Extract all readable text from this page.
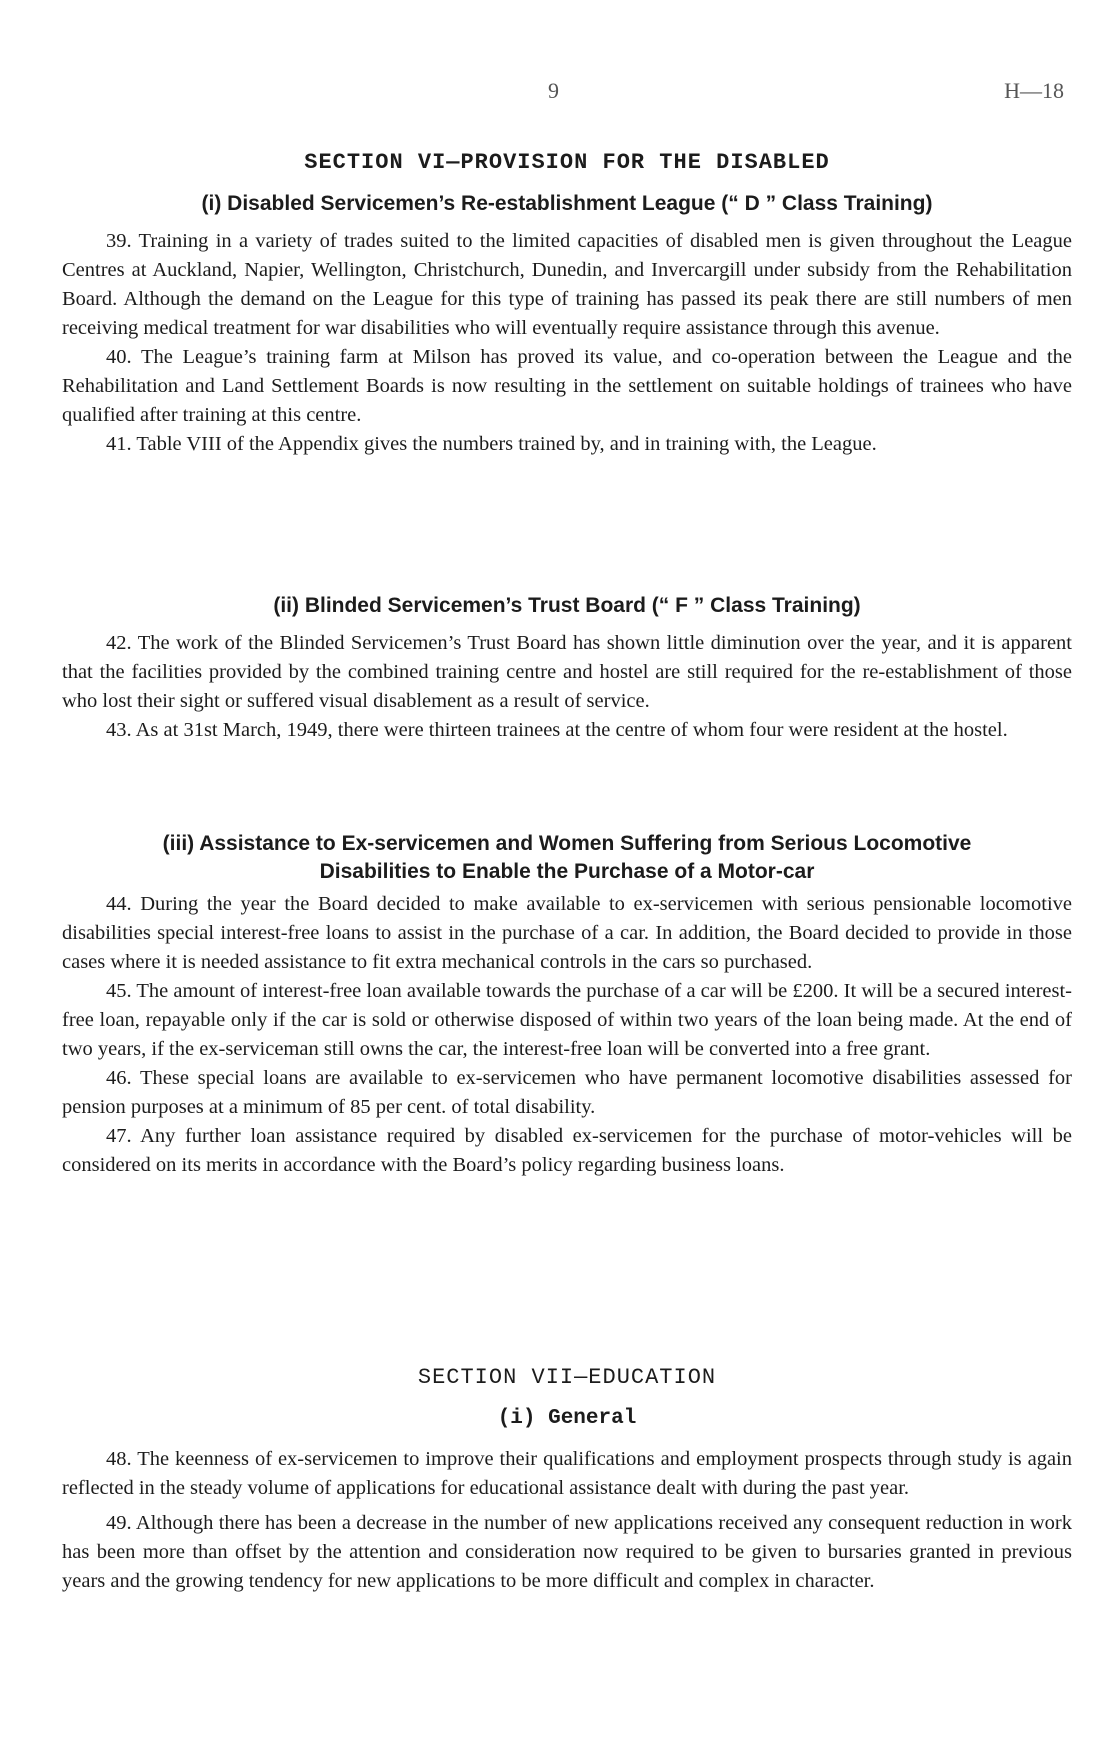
9	H—18
SECTION VI—PROVISION FOR THE DISABLED
(i) Disabled Servicemen’s Re-establishment League (“ D ” Class Training)

39. Training in a variety of trades suited to the limited capacities of disabled men is given throughout the League Centres at Auckland, Napier, Wellington, Christchurch, Dunedin, and Invercargill under subsidy from the Rehabilitation Board. Although the demand on the League for this type of training has passed its peak there are still numbers of men receiving medical treatment for war disabilities who will eventually require assistance through this avenue.

40. The League’s training farm at Milson has proved its value, and co-operation between the League and the Rehabilitation and Land Settlement Boards is now resulting in the settlement on suitable holdings of trainees who have qualified after training at this centre.

41. Table VIII of the Appendix gives the numbers trained by, and in training with, the League.

(ii) Blinded Servicemen’s Trust Board (“ F ” Class Training)

42. The work of the Blinded Servicemen’s Trust Board has shown little diminution over the year, and it is apparent that the facilities provided by the combined training centre and hostel are still required for the re-establishment of those who lost their sight or suffered visual disablement as a result of service.

43. As at 31st March, 1949, there were thirteen trainees at the centre of whom four were resident at the hostel.

(iii) Assistance to Ex-servicemen and Women Suffering from Serious Locomotive
Disabilities to Enable the Purchase of a Motor-car

44. During the year the Board decided to make available to ex-servicemen with serious pensionable locomotive disabilities special interest-free loans to assist in the purchase of a car. In addition, the Board decided to provide in those cases where it is needed assistance to fit extra mechanical controls in the cars so purchased.

45. The amount of interest-free loan available towards the purchase of a car will be £200. It will be a secured interest-free loan, repayable only if the car is sold or otherwise disposed of within two years of the loan being made. At the end of two years, if the ex-serviceman still owns the car, the interest-free loan will be converted into a free grant.

46. These special loans are available to ex-servicemen who have permanent locomotive disabilities assessed for pension purposes at a minimum of 85 per cent. of total disability.

47. Any further loan assistance required by disabled ex-servicemen for the purchase of motor-vehicles will be considered on its merits in accordance with the Board’s policy regarding business loans.

SECTION VII—EDUCATION
(i) General

48. The keenness of ex-servicemen to improve their qualifications and employment prospects through study is again reflected in the steady volume of applications for educational assistance dealt with during the past year.

49. Although there has been a decrease in the number of new applications received any consequent reduction in work has been more than offset by the attention and consideration now required to be given to bursaries granted in previous years and the growing tendency for new applications to be more difficult and complex in character.
